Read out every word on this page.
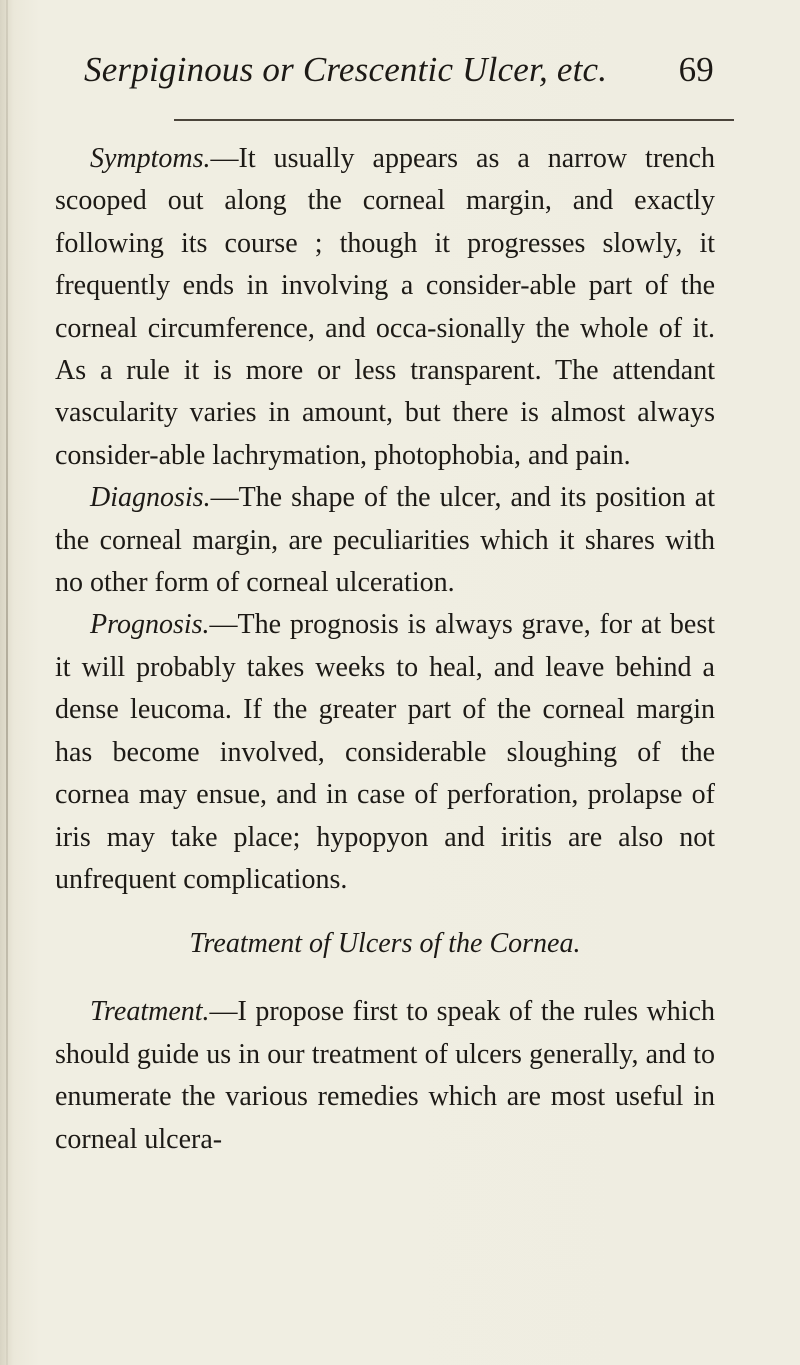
Serpiginous or Crescentic Ulcer, etc. 69

Symptoms.—It usually appears as a narrow trench scooped out along the corneal margin, and exactly following its course ; though it progresses slowly, it frequently ends in involving a consider-able part of the corneal circumference, and occa-sionally the whole of it. As a rule it is more or less transparent. The attendant vascularity varies in amount, but there is almost always consider-able lachrymation, photophobia, and pain.

Diagnosis.—The shape of the ulcer, and its position at the corneal margin, are peculiarities which it shares with no other form of corneal ulceration.

Prognosis.—The prognosis is always grave, for at best it will probably takes weeks to heal, and leave behind a dense leucoma. If the greater part of the corneal margin has become involved, considerable sloughing of the cornea may ensue, and in case of perforation, prolapse of iris may take place; hypopyon and iritis are also not unfrequent complications.

Treatment of Ulcers of the Cornea.

Treatment.—I propose first to speak of the rules which should guide us in our treatment of ulcers generally, and to enumerate the various remedies which are most useful in corneal ulcera-
